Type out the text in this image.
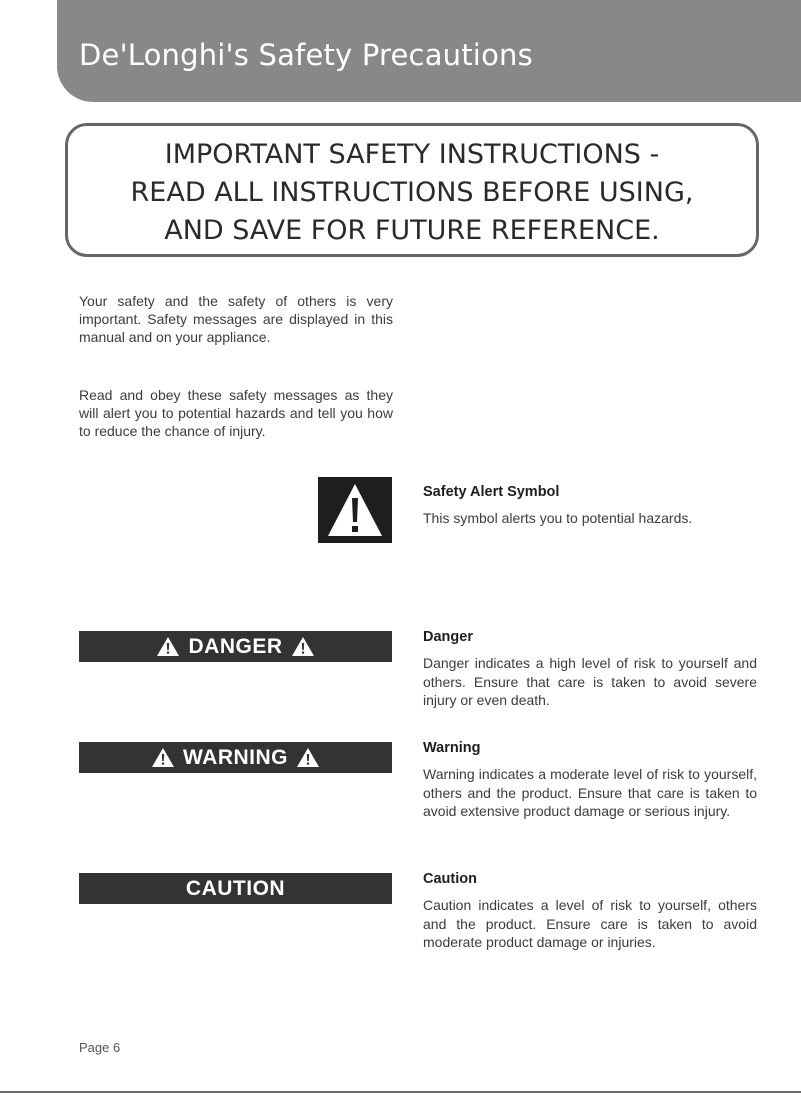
De'Longhi's Safety Precautions
IMPORTANT SAFETY INSTRUCTIONS -
READ ALL INSTRUCTIONS BEFORE USING,
AND SAVE FOR FUTURE REFERENCE.

Your safety and the safety of others is very important. Safety messages are displayed in this manual and on your appliance.

Read and obey these safety messages as they will alert you to potential hazards and tell you how to reduce the chance of injury.

Safety Alert Symbol

This symbol alerts you to potential hazards.

DANGER	Danger

Danger indicates a high level of risk to yourself and others. Ensure that care is taken to avoid severe injury or even death.

WARNING	Warning

Warning indicates a moderate level of risk to yourself, others and the product. Ensure that care is taken to avoid extensive product damage or serious injury.

CAUTION	Caution

Caution indicates a level of risk to yourself, others and the product. Ensure care is taken to avoid moderate product damage or injuries.

Page 6
